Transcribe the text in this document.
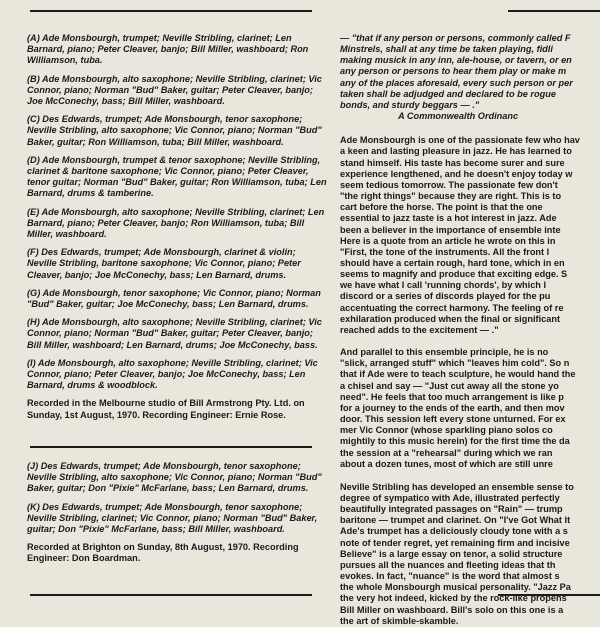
(A) Ade Monsbourgh, trumpet; Neville Stribling, clarinet; Len Barnard, piano; Peter Cleaver, banjo; Bill Miller, washboard; Ron Williamson, tuba.

(B) Ade Monsbourgh, alto saxophone; Neville Stribling, clarinet; Vic Connor, piano; Norman "Bud" Baker, guitar; Peter Cleaver, banjo; Joe McConechy, bass; Bill Miller, washboard.

(C) Des Edwards, trumpet; Ade Monsbourgh, tenor saxophone; Neville Stribling, alto saxophone; Vic Connor, piano; Norman "Bud" Baker, guitar; Ron Williamson, tuba; Bill Miller, washboard.

(D) Ade Monsbourgh, trumpet & tenor saxophone; Neville Stribling, clarinet & baritone saxophone; Vic Connor, piano; Peter Cleaver, tenor guitar; Norman "Bud" Baker, guitar; Ron Williamson, tuba; Len Barnard, drums & tamberine.

(E) Ade Monsbourgh, alto saxophone; Neville Stribling, clarinet; Len Barnard, piano; Peter Cleaver, banjo; Ron Williamson, tuba; Bill Miller, washboard.

(F) Des Edwards, trumpet; Ade Monsbourgh, clarinet & violin; Neville Stribling, baritone saxophone; Vic Connor, piano; Peter Cleaver, banjo; Joe McConechy, bass; Len Barnard, drums.

(G) Ade Monsbourgh, tenor saxophone; Vic Connor, piano; Norman "Bud" Baker, guitar; Joe McConechy, bass; Len Barnard, drums.

(H) Ade Monsbourgh, alto saxophone; Neville Stribling, clarinet; Vic Connor, piano; Norman "Bud" Baker, guitar; Peter Cleaver, banjo; Bill Miller, washboard; Len Barnard, drums; Joe McConechy, bass.

(I) Ade Monsbourgh, alto saxophone; Neville Stribling, clarinet; Vic Connor, piano; Peter Cleaver, banjo; Joe McConechy, bass; Len Barnard, drums & woodblock.

Recorded in the Melbourne studio of Bill Armstrong Pty. Ltd. on Sunday, 1st August, 1970. Recording Engineer: Ernie Rose.

(J) Des Edwards, trumpet; Ade Monsbourgh, tenor saxophone; Neville Stribling, alto saxophone; Vic Connor, piano; Norman "Bud" Baker, guitar; Don "Pixie" McFarlane, bass; Len Barnard, drums.

(K) Des Edwards, trumpet; Ade Monsbourgh, tenor saxophone; Neville Stribling, clarinet; Vic Connor, piano; Norman "Bud" Baker, guitar; Don "Pixie" McFarlane, bass; Bill Miller, washboard.

Recorded at Brighton on Sunday, 8th August, 1970. Recording Engineer: Don Boardman.

— "that if any person or persons, commonly called F

Minstrels, shall at any time be taken playing, fidli

making musick in any inn, ale-house, or tavern, or en

any person or persons to hear them play or make m

any of the places aforesaid, every such person or per

taken shall be adjudged and declared to be rogue

bonds, and sturdy beggars — ."

A Commonwealth Ordinanc

Ade Monsbourgh is one of the passionate few who hav

a keen and lasting pleasure in jazz. He has learned to

stand himself. His taste has become surer and sure

experience lengthened, and he doesn't enjoy today w

seem tedious tomorrow. The passionate few don't

"the right things" because they are right. This is to

cart before the horse. The point is that the one

essential to jazz taste is a hot interest in jazz. Ade

been a believer in the importance of ensemble inte

Here is a quote from an article he wrote on this in

"First, the tone of the instruments. All the front l

should have a certain rough, hard tone, which in en

seems to magnify and produce that exciting edge. S

we have what I call 'running chords', by which I

discord or a series of discords played for the pu

accentuating the correct harmony. The feeling of re

exhilaration produced when the final or significant

reached adds to the excitement — ."

And parallel to this ensemble principle, he is no

"slick, arranged stuff" which "leaves him cold". So n

that if Ade were to teach sculpture, he would hand the

a chisel and say — "Just cut away all the stone yo

need". He feels that too much arrangement is like p

for a journey to the ends of the earth, and then mov

door. This session left every stone unturned. For ex

mer Vic Connor (whose sparkling piano solos co

mightily to this music herein) for the first time the da

the session at a "rehearsal" during which we ran

about a dozen tunes, most of which are still unre

Neville Stribling has developed an ensemble sense to

degree of sympatico with Ade, illustrated perfectly

beautifully integrated passages on "Rain" — trump

baritone — trumpet and clarinet. On "I've Got What It

Ade's trumpet has a deliciously cloudy tone with a s

note of tender regret, yet remaining firm and incisive

Believe" is a large essay on tenor, a solid structure

pursues all the nuances and fleeting ideas that th

evokes. In fact, "nuance" is the word that almost s

the whole Monsbourgh musical personality. "Jazz Pa

the very hot indeed, kicked by the rock-like propens

Bill Miller on washboard. Bill's solo on this one is a

the art of skimble-skamble.
